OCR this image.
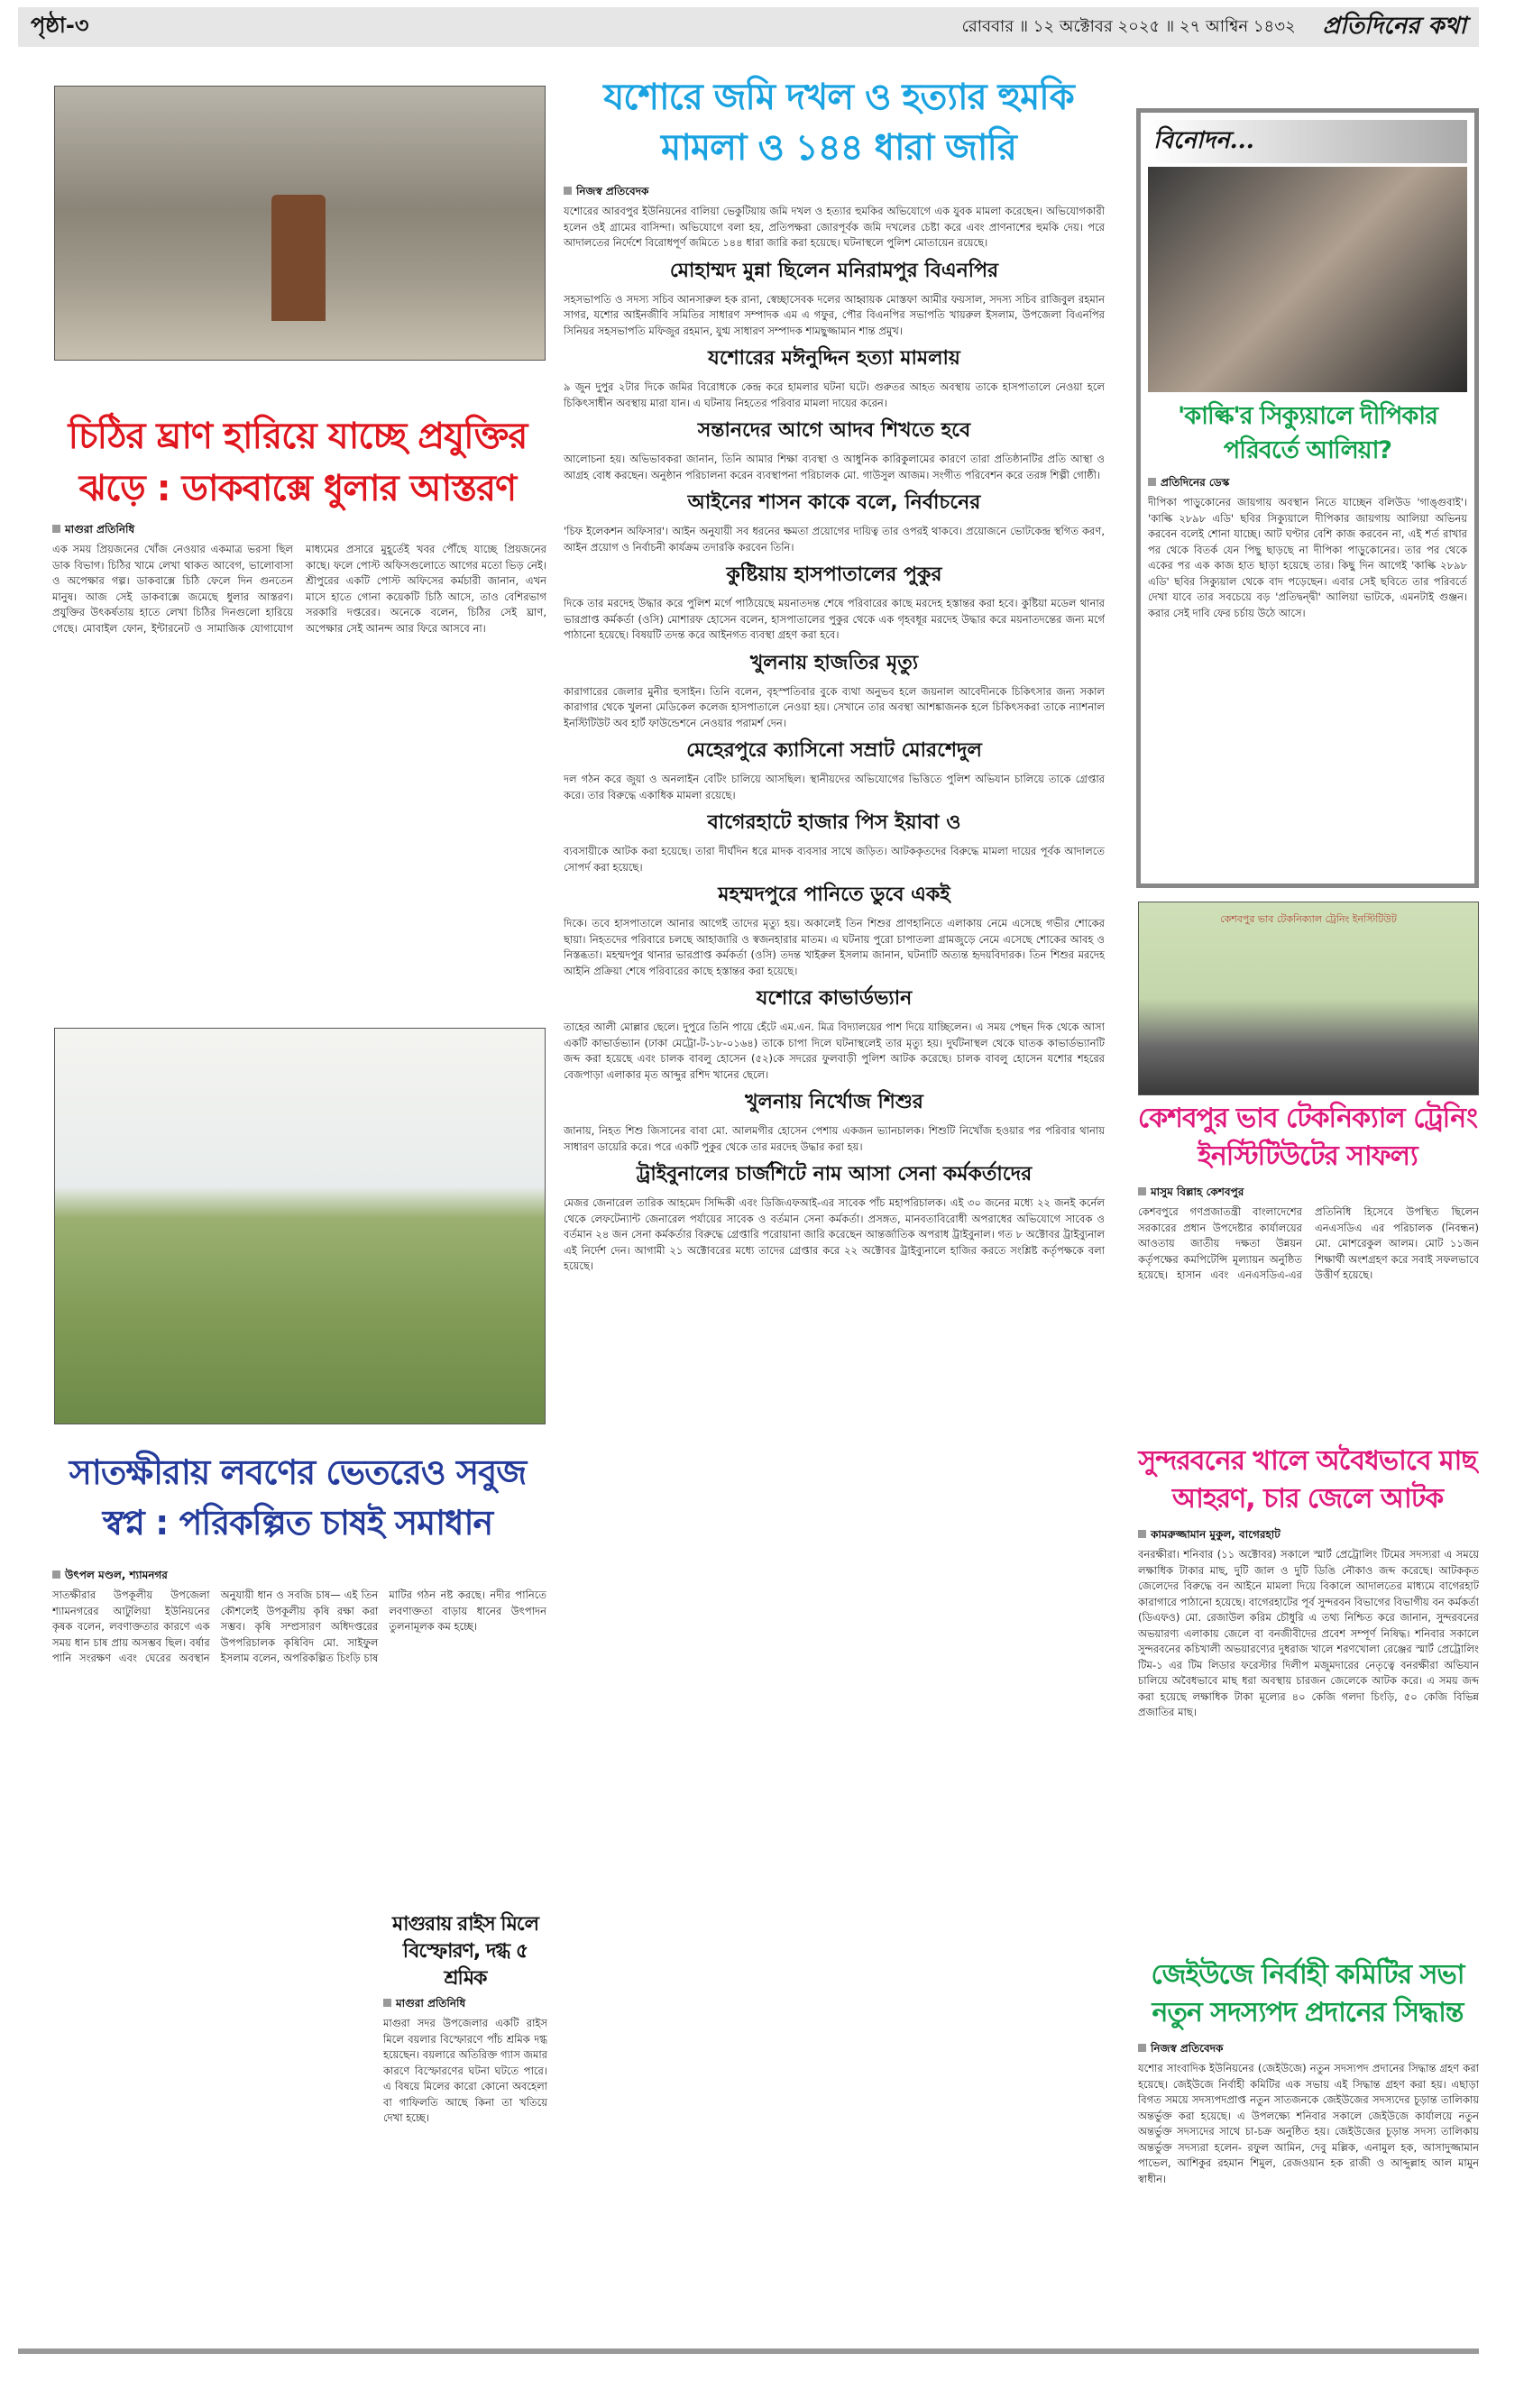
পৃষ্ঠা-৩	রোববার ॥ ১২ অক্টোবর ২০২৫ ॥ ২৭ আশ্বিন ১৪৩২ প্রতিদিনের কথা
চিঠির ঘ্রাণ হারিয়ে যাচ্ছে প্রযুক্তির ঝড়ে : ডাকবাক্সে ধুলার আস্তরণ
মাগুরা প্রতিনিধি
এক সময় প্রিয়জনের খোঁজ নেওয়ার একমাত্র ভরসা ছিল ডাক বিভাগ। চিঠির খামে লেখা থাকত আবেগ, ভালোবাসা ও অপেক্ষার গল্প। ডাকবাক্সে চিঠি ফেলে দিন গুনতেন মানুষ। আজ সেই ডাকবাক্সে জমেছে ধুলার আস্তরণ। প্রযুক্তির উৎকর্ষতায় হাতে লেখা চিঠির দিনগুলো হারিয়ে গেছে। মোবাইল ফোন, ইন্টারনেট ও সামাজিক যোগাযোগ মাধ্যমের প্রসারে মুহূর্তেই খবর পৌঁছে যাচ্ছে প্রিয়জনের কাছে। ফলে পোস্ট অফিসগুলোতে আগের মতো ভিড় নেই। শ্রীপুরের একটি পোস্ট অফিসের কর্মচারী জানান, এখন মাসে হাতে গোনা কয়েকটি চিঠি আসে, তাও বেশিরভাগ সরকারি দপ্তরের। অনেকে বলেন, চিঠির সেই ঘ্রাণ, অপেক্ষার সেই আনন্দ আর ফিরে আসবে না।
সাতক্ষীরায় লবণের ভেতরেও সবুজ স্বপ্ন : পরিকল্পিত চাষই সমাধান
উৎপল মণ্ডল, শ্যামনগর
সাতক্ষীরার উপকূলীয় উপজেলা শ্যামনগরের আটুলিয়া ইউনিয়নের কৃষক বলেন, লবণাক্ততার কারণে এক সময় ধান চাষ প্রায় অসম্ভব ছিল। বর্ষার পানি সংরক্ষণ এবং ঘেরের অবস্থান অনুযায়ী ধান ও সবজি চাষ— এই তিন কৌশলেই উপকূলীয় কৃষি রক্ষা করা সম্ভব। কৃষি সম্প্রসারণ অধিদপ্তরের উপপরিচালক কৃষিবিদ মো. সাইফুল ইসলাম বলেন, অপরিকল্পিত চিংড়ি চাষ মাটির গঠন নষ্ট করছে। নদীর পানিতে লবণাক্ততা বাড়ায় ধানের উৎপাদন তুলনামূলক কম হচ্ছে।
মাগুরায় রাইস মিলে বিস্ফোরণ, দগ্ধ ৫ শ্রমিক
মাগুরা প্রতিনিধি
মাগুরা সদর উপজেলার একটি রাইস মিলে বয়লার বিস্ফোরণে পাঁচ শ্রমিক দগ্ধ হয়েছেন। বয়লারে অতিরিক্ত গ্যাস জমার কারণে বিস্ফোরণের ঘটনা ঘটতে পারে। এ বিষয়ে মিলের কারো কোনো অবহেলা বা গাফিলতি আছে কিনা তা খতিয়ে দেখা হচ্ছে।
যশোরে জমি দখল ও হত্যার হুমকি মামলা ও ১৪৪ ধারা জারি
নিজস্ব প্রতিবেদক
যশোরের আরবপুর ইউনিয়নের বালিয়া ভেকুটিয়ায় জমি দখল ও হত্যার হুমকির অভিযোগে এক যুবক মামলা করেছেন। অভিযোগকারী হলেন ওই গ্রামের বাসিন্দা। অভিযোগে বলা হয়, প্রতিপক্ষরা জোরপূর্বক জমি দখলের চেষ্টা করে এবং প্রাণনাশের হুমকি দেয়। পরে আদালতের নির্দেশে বিরোধপূর্ণ জমিতে ১৪৪ ধারা জারি করা হয়েছে। ঘটনাস্থলে পুলিশ মোতায়েন রয়েছে।
মোহাম্মদ মুন্না ছিলেন মনিরামপুর বিএনপির
সহসভাপতি ও সদস্য সচিব আনসারুল হক রানা, স্বেচ্ছাসেবক দলের আহ্বায়ক মোস্তফা আমীর ফয়সাল, সদস্য সচিব রাজিবুল রহমান সাগর, যশোর আইনজীবি সমিতির সাধারণ সম্পাদক এম এ গফুর, পৌর বিএনপির সভাপতি খায়রুল ইসলাম, উপজেলা বিএনপির সিনিয়র সহসভাপতি মফিজুর রহমান, যুগ্ম সাধারণ সম্পাদক শামছুজ্জামান শান্ত প্রমুখ।
যশোরের মঈনুদ্দিন হত্যা মামলায়
৯ জুন দুপুর ২টার দিকে জমির বিরোধকে কেন্দ্র করে হামলার ঘটনা ঘটে। গুরুতর আহত অবস্থায় তাকে হাসপাতালে নেওয়া হলে চিকিৎসাধীন অবস্থায় মারা যান। এ ঘটনায় নিহতের পরিবার মামলা দায়ের করেন।
সন্তানদের আগে আদব শিখতে হবে
আলোচনা হয়। অভিভাবকরা জানান, তিনি আমার শিক্ষা ব্যবস্থা ও আধুনিক কারিকুলামের কারণে তারা প্রতিষ্ঠানটির প্রতি আস্থা ও আগ্রহ বোধ করছেন। অনুষ্ঠান পরিচালনা করেন ব্যবস্থাপনা পরিচালক মো. গাউসুল আজম। সংগীত পরিবেশন করে তরঙ্গ শিল্পী গোষ্ঠী।
আইনের শাসন কাকে বলে, নির্বাচনের
'চিফ ইলেকশন অফিসার'। আইন অনুযায়ী সব ধরনের ক্ষমতা প্রয়োগের দায়িত্ব তার ওপরই থাকবে। প্রয়োজনে ভোটকেন্দ্র স্থগিত করণ, আইন প্রয়োগ ও নির্বাচনী কার্যক্রম তদারকি করবেন তিনি।
কুষ্টিয়ায় হাসপাতালের পুকুর
দিকে তার মরদেহ উদ্ধার করে পুলিশ মর্গে পাঠিয়েছে ময়নাতদন্ত শেষে পরিবারের কাছে মরদেহ হস্তান্তর করা হবে। কুষ্টিয়া মডেল থানার ভারপ্রাপ্ত কর্মকর্তা (ওসি) মোশারফ হোসেন বলেন, হাসপাতালের পুকুর থেকে এক গৃহবধূর মরদেহ উদ্ধার করে ময়নাতদন্তের জন্য মর্গে পাঠানো হয়েছে। বিষয়টি তদন্ত করে আইনগত ব্যবস্থা গ্রহণ করা হবে।
খুলনায় হাজতির মৃত্যু
কারাগারের জেলার মুনীর হুসাইন। তিনি বলেন, বৃহস্পতিবার বুকে ব্যথা অনুভব হলে জয়নাল আবেদীনকে চিকিৎসার জন্য সকাল কারাগার থেকে খুলনা মেডিকেল কলেজ হাসপাতালে নেওয়া হয়। সেখানে তার অবস্থা আশঙ্কাজনক হলে চিকিৎসকরা তাকে ন্যাশনাল ইনস্টিটিউট অব হার্ট ফাউন্ডেশনে নেওয়ার পরামর্শ দেন।
মেহেরপুরে ক্যাসিনো সম্রাট মোরশেদুল
দল গঠন করে জুয়া ও অনলাইন বেটিং চালিয়ে আসছিল। স্থানীয়দের অভিযোগের ভিত্তিতে পুলিশ অভিযান চালিয়ে তাকে গ্রেপ্তার করে। তার বিরুদ্ধে একাধিক মামলা রয়েছে।
বাগেরহাটে হাজার পিস ইয়াবা ও
ব্যবসায়ীকে আটক করা হয়েছে। তারা দীর্ঘদিন ধরে মাদক ব্যবসার সাথে জড়িত। আটককৃতদের বিরুদ্ধে মামলা দায়ের পূর্বক আদালতে সোপর্দ করা হয়েছে।
মহম্মদপুরে পানিতে ডুবে একই
দিকে। তবে হাসপাতালে আনার আগেই তাদের মৃত্যু হয়। অকালেই তিন শিশুর প্রাণহানিতে এলাকায় নেমে এসেছে গভীর শোকের ছায়া। নিহতদের পরিবারে চলছে আহাজারি ও স্বজনহারার মাতম। এ ঘটনায় পুরো চাপাতলা গ্রামজুড়ে নেমে এসেছে শোকের আবহ ও নিস্তব্ধতা। মহম্মদপুর থানার ভারপ্রাপ্ত কর্মকর্তা (ওসি) তদন্ত খাইরুল ইসলাম জানান, ঘটনাটি অত্যন্ত হৃদয়বিদারক। তিন শিশুর মরদেহ আইনি প্রক্রিয়া শেষে পরিবারের কাছে হস্তান্তর করা হয়েছে।
যশোরে কাভার্ডভ্যান
তাহের আলী মোল্লার ছেলে। দুপুরে তিনি পায়ে হেঁটে এম.এন. মিত্র বিদ্যালয়ের পাশ দিয়ে যাচ্ছিলেন। এ সময় পেছন দিক থেকে আসা একটি কাভার্ডভ্যান (ঢাকা মেট্রো-ট-১৮-০১৬৪) তাকে চাপা দিলে ঘটনাস্থলেই তার মৃত্যু হয়। দুর্ঘটনাস্থল থেকে ঘাতক কাভার্ডভ্যানটি জব্দ করা হয়েছে এবং চালক বাবলু হোসেন (৫২)কে সদরের ফুলবাড়ী পুলিশ আটক করেছে। চালক বাবলু হোসেন যশোর শহরের বেজপাড়া এলাকার মৃত আব্দুর রশিদ খানের ছেলে।
খুলনায় নির্খোজ শিশুর
জানায়, নিহত শিশু জিসানের বাবা মো. আলমগীর হোসেন পেশায় একজন ভ্যানচালক। শিশুটি নিখোঁজ হওয়ার পর পরিবার থানায় সাধারণ ডায়েরি করে। পরে একটি পুকুর থেকে তার মরদেহ উদ্ধার করা হয়।
ট্রাইবুনালের চার্জশিটে নাম আসা সেনা কর্মকর্তাদের
মেজর জেনারেল তারিক আহমেদ সিদ্দিকী এবং ডিজিএফআই-এর সাবেক পাঁচ মহাপরিচালক। এই ৩০ জনের মধ্যে ২২ জনই কর্নেল থেকে লেফটেন্যান্ট জেনারেল পর্যায়ের সাবেক ও বর্তমান সেনা কর্মকর্তা। প্রসঙ্গত, মানবতাবিরোধী অপরাধের অভিযোগে সাবেক ও বর্তমান ২৪ জন সেনা কর্মকর্তার বিরুদ্ধে গ্রেপ্তারি পরোয়ানা জারি করেছেন আন্তর্জাতিক অপরাধ ট্রাইবুনাল। গত ৮ অক্টোবর ট্রাইব্যুনাল এই নির্দেশ দেন। আগামী ২১ অক্টোবরের মধ্যে তাদের গ্রেপ্তার করে ২২ অক্টোবর ট্রাইব্যুনালে হাজির করতে সংশ্লিষ্ট কর্তৃপক্ষকে বলা হয়েছে।
বিনোদন...
'কাল্কি'র সিক্যুয়ালে দীপিকার পরিবর্তে আলিয়া?
প্রতিদিনের ডেস্ক
দীপিকা পাড়ুকোনের জায়গায় অবস্থান নিতে যাচ্ছেন বলিউড 'গাঙ্গুবাই'। 'কাল্কি ২৮৯৮ এডি' ছবির সিক্যুয়ালে দীপিকার জায়গায় আলিয়া অভিনয় করবেন বলেই শোনা যাচ্ছে। আট ঘণ্টার বেশি কাজ করবেন না, এই শর্ত রাখার পর থেকে বিতর্ক যেন পিছু ছাড়ছে না দীপিকা পাড়ুকোনের। তার পর থেকে একের পর এক কাজ হাত ছাড়া হয়েছে তার। কিছু দিন আগেই 'কাল্কি ২৮৯৮ এডি' ছবির সিক্যুয়াল থেকে বাদ পড়েছেন। এবার সেই ছবিতে তার পরিবর্তে দেখা যাবে তার সবচেয়ে বড় 'প্রতিদ্বন্দ্বী' আলিয়া ভাটকে, এমনটাই গুঞ্জন। করার সেই দাবি ফের চর্চায় উঠে আসে।
কেশবপুর ভাব টেকনিক্যাল ট্রেনিং ইনস্টিটিউট
কেশবপুর ভাব টেকনিক্যাল ট্রেনিং ইনস্টিটিউটের সাফল্য
মাসুম বিল্লাহ কেশবপুর
কেশবপুরে গণপ্রজাতন্ত্রী বাংলাদেশের সরকারের প্রধান উপদেষ্টার কার্যালয়ের আওতায় জাতীয় দক্ষতা উন্নয়ন কর্তৃপক্ষের কমপিটেন্সি মূল্যায়ন অনুষ্ঠিত হয়েছে। হাসান এবং এনএসডিএ-এর প্রতিনিধি হিসেবে উপস্থিত ছিলেন এনএসডিএ এর পরিচালক (নিবন্ধন) মো. মোশরেকুল আলম। মোট ১১জন শিক্ষার্থী অংশগ্রহণ করে সবাই সফলভাবে উত্তীর্ণ হয়েছে।
সুন্দরবনের খালে অবৈধভাবে মাছ আহরণ, চার জেলে আটক
কামরুজ্জামান মুকুল, বাগেরহাট
বনরক্ষীরা। শনিবার (১১ অক্টোবর) সকালে স্মার্ট প্রেট্রোলিং টিমের সদস্যরা এ সময়ে লক্ষাধিক টাকার মাছ, দুটি জাল ও দুটি ডিঙি নৌকাও জব্দ করেছে। আটককৃত জেলেদের বিরুদ্ধে বন আইনে মামলা দিয়ে বিকালে আদালতের মাধ্যমে বাগেরহাট কারাগারে পাঠানো হয়েছে। বাগেরহাটের পূর্ব সুন্দরবন বিভাগের বিভাগীয় বন কর্মকর্তা (ডিএফও) মো. রেজাউল করিম চৌধুরি এ তথ্য নিশ্চিত করে জানান, সুন্দরবনের অভয়ারণ্য এলাকায় জেলে বা বনজীবীদের প্রবেশ সম্পূর্ণ নিষিদ্ধ। শনিবার সকালে সুন্দরবনের কচিখালী অভয়ারণ্যের দুধরাজ খালে শরণখোলা রেঞ্জের স্মার্ট প্রেট্রোলিং টিম-১ এর টিম লিডার ফরেস্টার দিলীপ মজুমদারের নেতৃত্বে বনরক্ষীরা অভিযান চালিয়ে অবৈধভাবে মাছ ধরা অবস্থায় চারজন জেলেকে আটক করে। এ সময় জব্দ করা হয়েছে লক্ষাধিক টাকা মূল্যের ৪০ কেজি গলদা চিংড়ি, ৫০ কেজি বিভিন্ন প্রজাতির মাছ।
জেইউজে নির্বাহী কমিটির সভা নতুন সদস্যপদ প্রদানের সিদ্ধান্ত
নিজস্ব প্রতিবেদক
যশোর সাংবাদিক ইউনিয়নের (জেইউজে) নতুন সদস্যপদ প্রদানের সিদ্ধান্ত গ্রহণ করা হয়েছে। জেইউজে নির্বাহী কমিটির এক সভায় এই সিদ্ধান্ত গ্রহণ করা হয়। এছাড়া বিগত সময়ে সদস্যপদপ্রাপ্ত নতুন সাতজনকে জেইউজের সদস্যদের চূড়ান্ত তালিকায় অন্তর্ভুক্ত করা হয়েছে। এ উপলক্ষ্যে শনিবার সকালে জেইউজে কার্যালয়ে নতুন অন্তর্ভুক্ত সদস্যদের সাথে চা-চক্র অনুষ্ঠিত হয়। জেইউজের চূড়ান্ত সদস্য তালিকায় অন্তর্ভুক্ত সদস্যরা হলেন- রফুল আমিন, দেবু মল্লিক, এনামুল হক, আসাদুজ্জামান পাভেল, আশিকুর রহমান শিমুল, রেজওয়ান হক রাজী ও আব্দুল্লাহ আল মামুন স্বাধীন।
